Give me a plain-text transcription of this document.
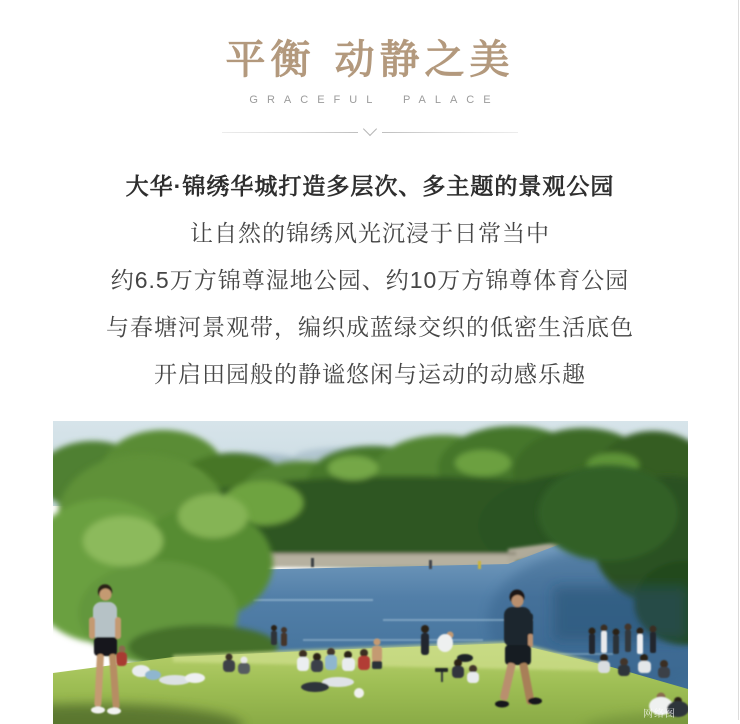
平衡 动静之美
GRACEFUL PALACE

大华·锦绣华城打造多层次、多主题的景观公园

让自然的锦绣风光沉浸于日常当中

约6.5万方锦尊湿地公园、约10万方锦尊体育公园

与春塘河景观带，编织成蓝绿交织的低密生活底色

开启田园般的静谧悠闲与运动的动感乐趣

网络图
